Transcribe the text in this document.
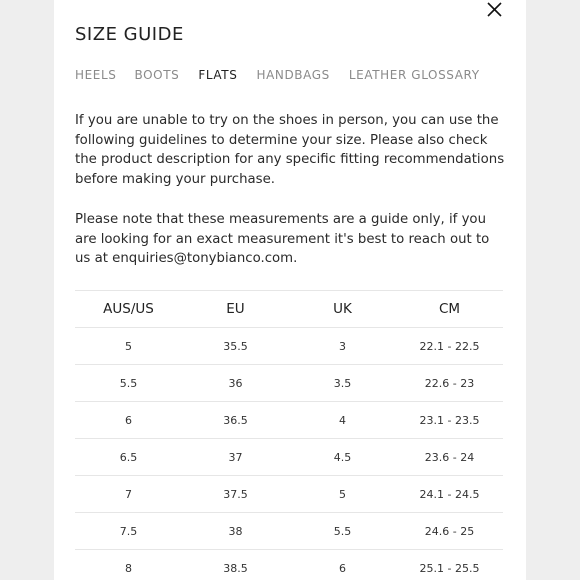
SIZE GUIDE
HEELS BOOTS FLATS HANDBAGS LEATHER GLOSSARY

If you are unable to try on the shoes in person, you can use the following guidelines to determine your size. Please also check the product description for any specific fitting recommendations before making your purchase.

Please note that these measurements are a guide only, if you are looking for an exact measurement it's best to reach out to us at enquiries@tonybianco.com.

AUS/US	EU	UK	CM
5	35.5	3	22.1 - 22.5
5.5	36	3.5	22.6 - 23
6	36.5	4	23.1 - 23.5
6.5	37	4.5	23.6 - 24
7	37.5	5	24.1 - 24.5
7.5	38	5.5	24.6 - 25
8	38.5	6	25.1 - 25.5
